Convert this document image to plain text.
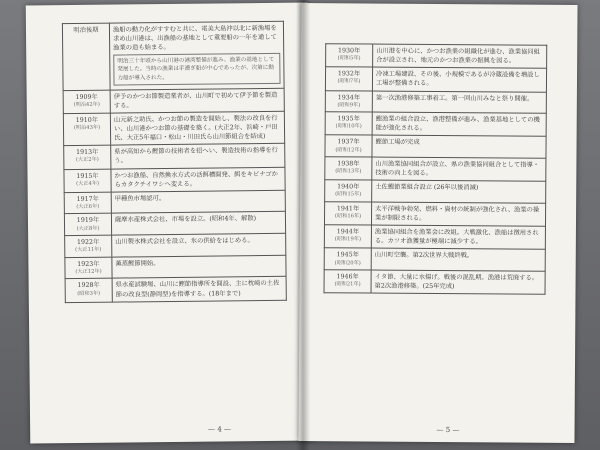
明治後期	漁船の動力化がすすむと共に、電美大島沖以北に新漁場を求め山川港は、出漁船の基地として重要船の一年を通して漁業の造も始まる。
明治三十年頃から山川港の港湾整備が進み、漁業の基地として発展した。当時の漁業は手漕ぎ船が中心であったが、次第に動力船が導入された。

1909年
(明治42年)	伊予のかつお節製造業者が、山川町で初めて伊予節を製造する。
1910年
(明治43年)	山元新之助氏、かつお節の製造を開始し、製法の改良を行い、山川港かつお節の基礎を築く。(大正2年、浜崎・戸田氏、大正5年福口・松山・川田氏ら山川節組合を結成)
1913年
(大正2年)	県が高知から鰹節の技術者を招へい、製造技術の指導を行う。
1915年
(大正4年)	かつお漁船、自然換水方式の活餌槽開発、餌をキビナゴからカタクチイワシへ変える。
1917年
(大正6年)	甲種魚市場認可。
1919年
(大正8年)	薩摩水産株式会社、市場を設立。(昭和4年、解散)
1922年
(大正11年)	山川製氷株式会社を設立、氷の供給をはじめる。
1923年
(大正12年)	薫蒸鰹節開始。
1928年
(昭和3年)	県水産試験場、山川に鰹節指導所を開設、主に枕崎の土佐節の改良型(静岡型)を指導する。(18年まで)
— 4 —
1930年
(昭和5年)	山川港を中心に、かつお漁業の組織化が進む、漁業協同組合が設立され、地元のかつお漁業の振興を図る。
1932年
(昭和7年)	冷凍工場建設、その後、小規模であるが冷蔵設備を増設し工場が整備される。
1934年
(昭和9年)	第一次漁港修築工事着工。第一回山川みなと祭り開催。
1935年
(昭和10年)	鰹漁業の組合設立、漁港整備が進み、漁業基地としての機能が強化される。
1937年
(昭和12年)	鰹節工場が完成
1938年
(昭和13年)	山川漁業協同組合が設立、県の漁業協同組合として指導・技術の向上を図る。
1940年
(昭和15年)	土佐鰹節業組合設立 (26年以後消滅)
1941年
(昭和16年)	太平洋戦争勃発、燃料・資材の統制が強化され、漁業の操業が制限される。
1944年
(昭和19年)	漁業協同組合を漁業会に改組。大戦激化、漁船は徴用される。カツオ漁獲量が極端に減少する。
1945年
(昭和20年)	山川町空襲。第2次世界大戦終戦。
1946年
(昭和21年)	イタ節、大量に水揚げ。戦後の混乱期。漁港は荒廃する。第2次漁港修築。(25年完成)
— 5 —
